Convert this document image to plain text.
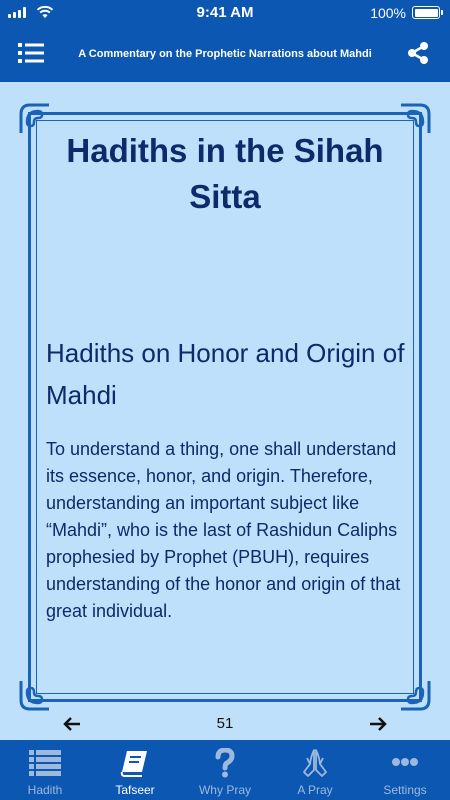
9:41 AM	100%
A Commentary on the Prophetic Narrations about Mahdi
Hadiths in the Sihah Sitta
Hadiths on Honor and Origin of Mahdi
To understand a thing, one shall understand its essence, honor, and origin. Therefore, understanding an important subject like “Mahdi”, who is the last of Rashidun Caliphs prophesied by Prophet (PBUH), requires understanding of the honor and origin of that great individual.
51
Hadith	Tafseer	Why Pray	A Pray	Settings
